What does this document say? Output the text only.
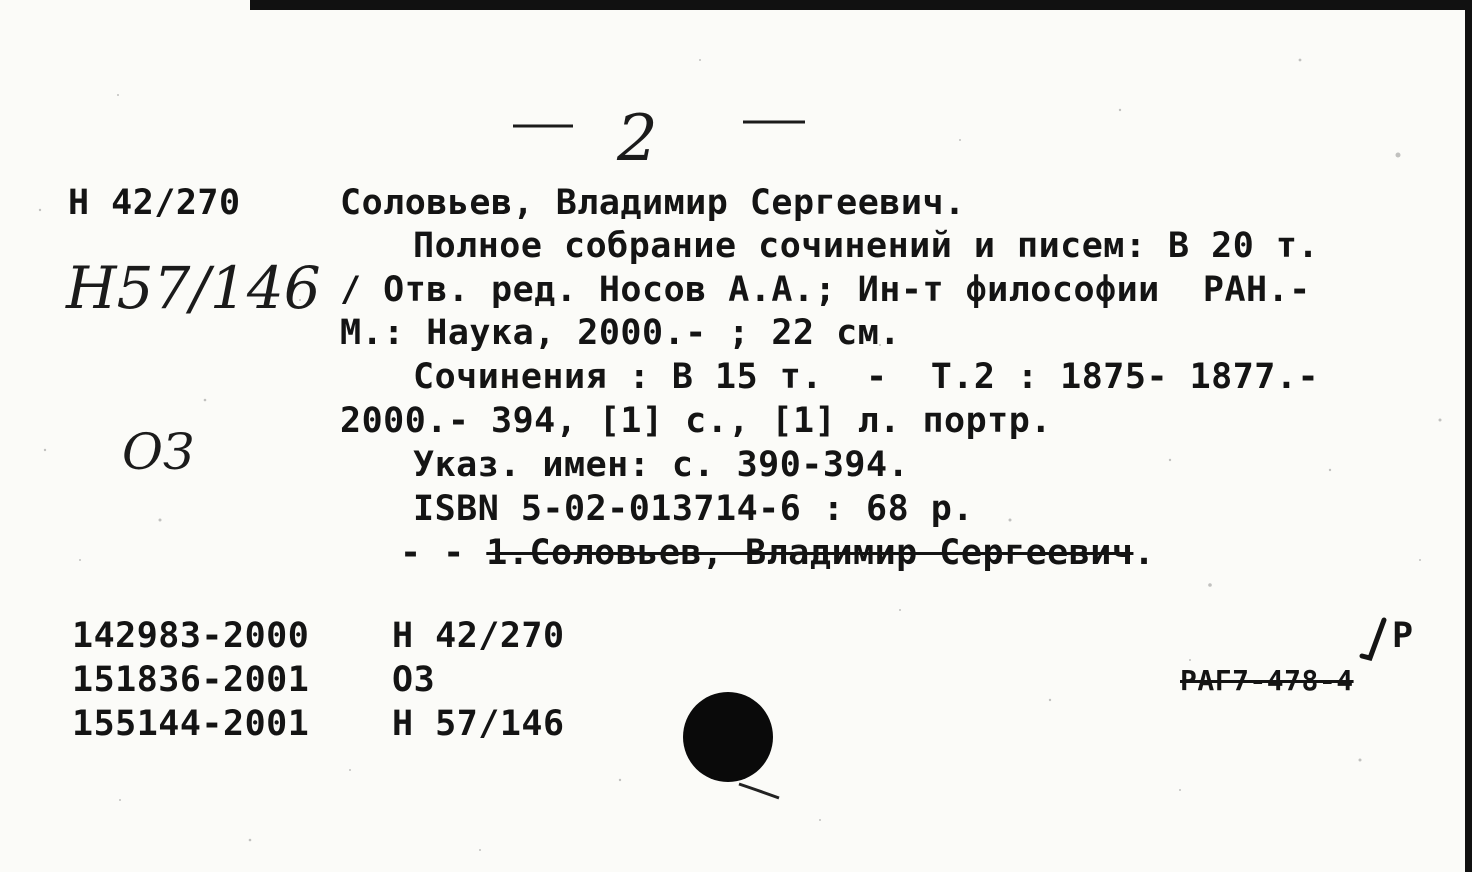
2
Н 42/270
Н57/146
ОЗ
Соловьев, Владимир Сергеевич.
Полное собрание сочинений и писем: В 20 т.
/ Отв. ред. Носов А.А.; Ин-т философии  РАН.-
М.: Наука, 2000.- ; 22 см.
Сочинения : В 15 т.  -  Т.2 : 1875- 1877.-
2000.- 394, [1] с., [1] л. портр.
Указ. имен: с. 390-394.
ISBN 5-02-013714-6 : 68 р.
- - 1.Соловьев, Владимир Сергеевич.
142983-2000 Н 42/270
151836-2001 ОЗ
155144-2001 Н 57/146
Р
РАГ7-478-4
